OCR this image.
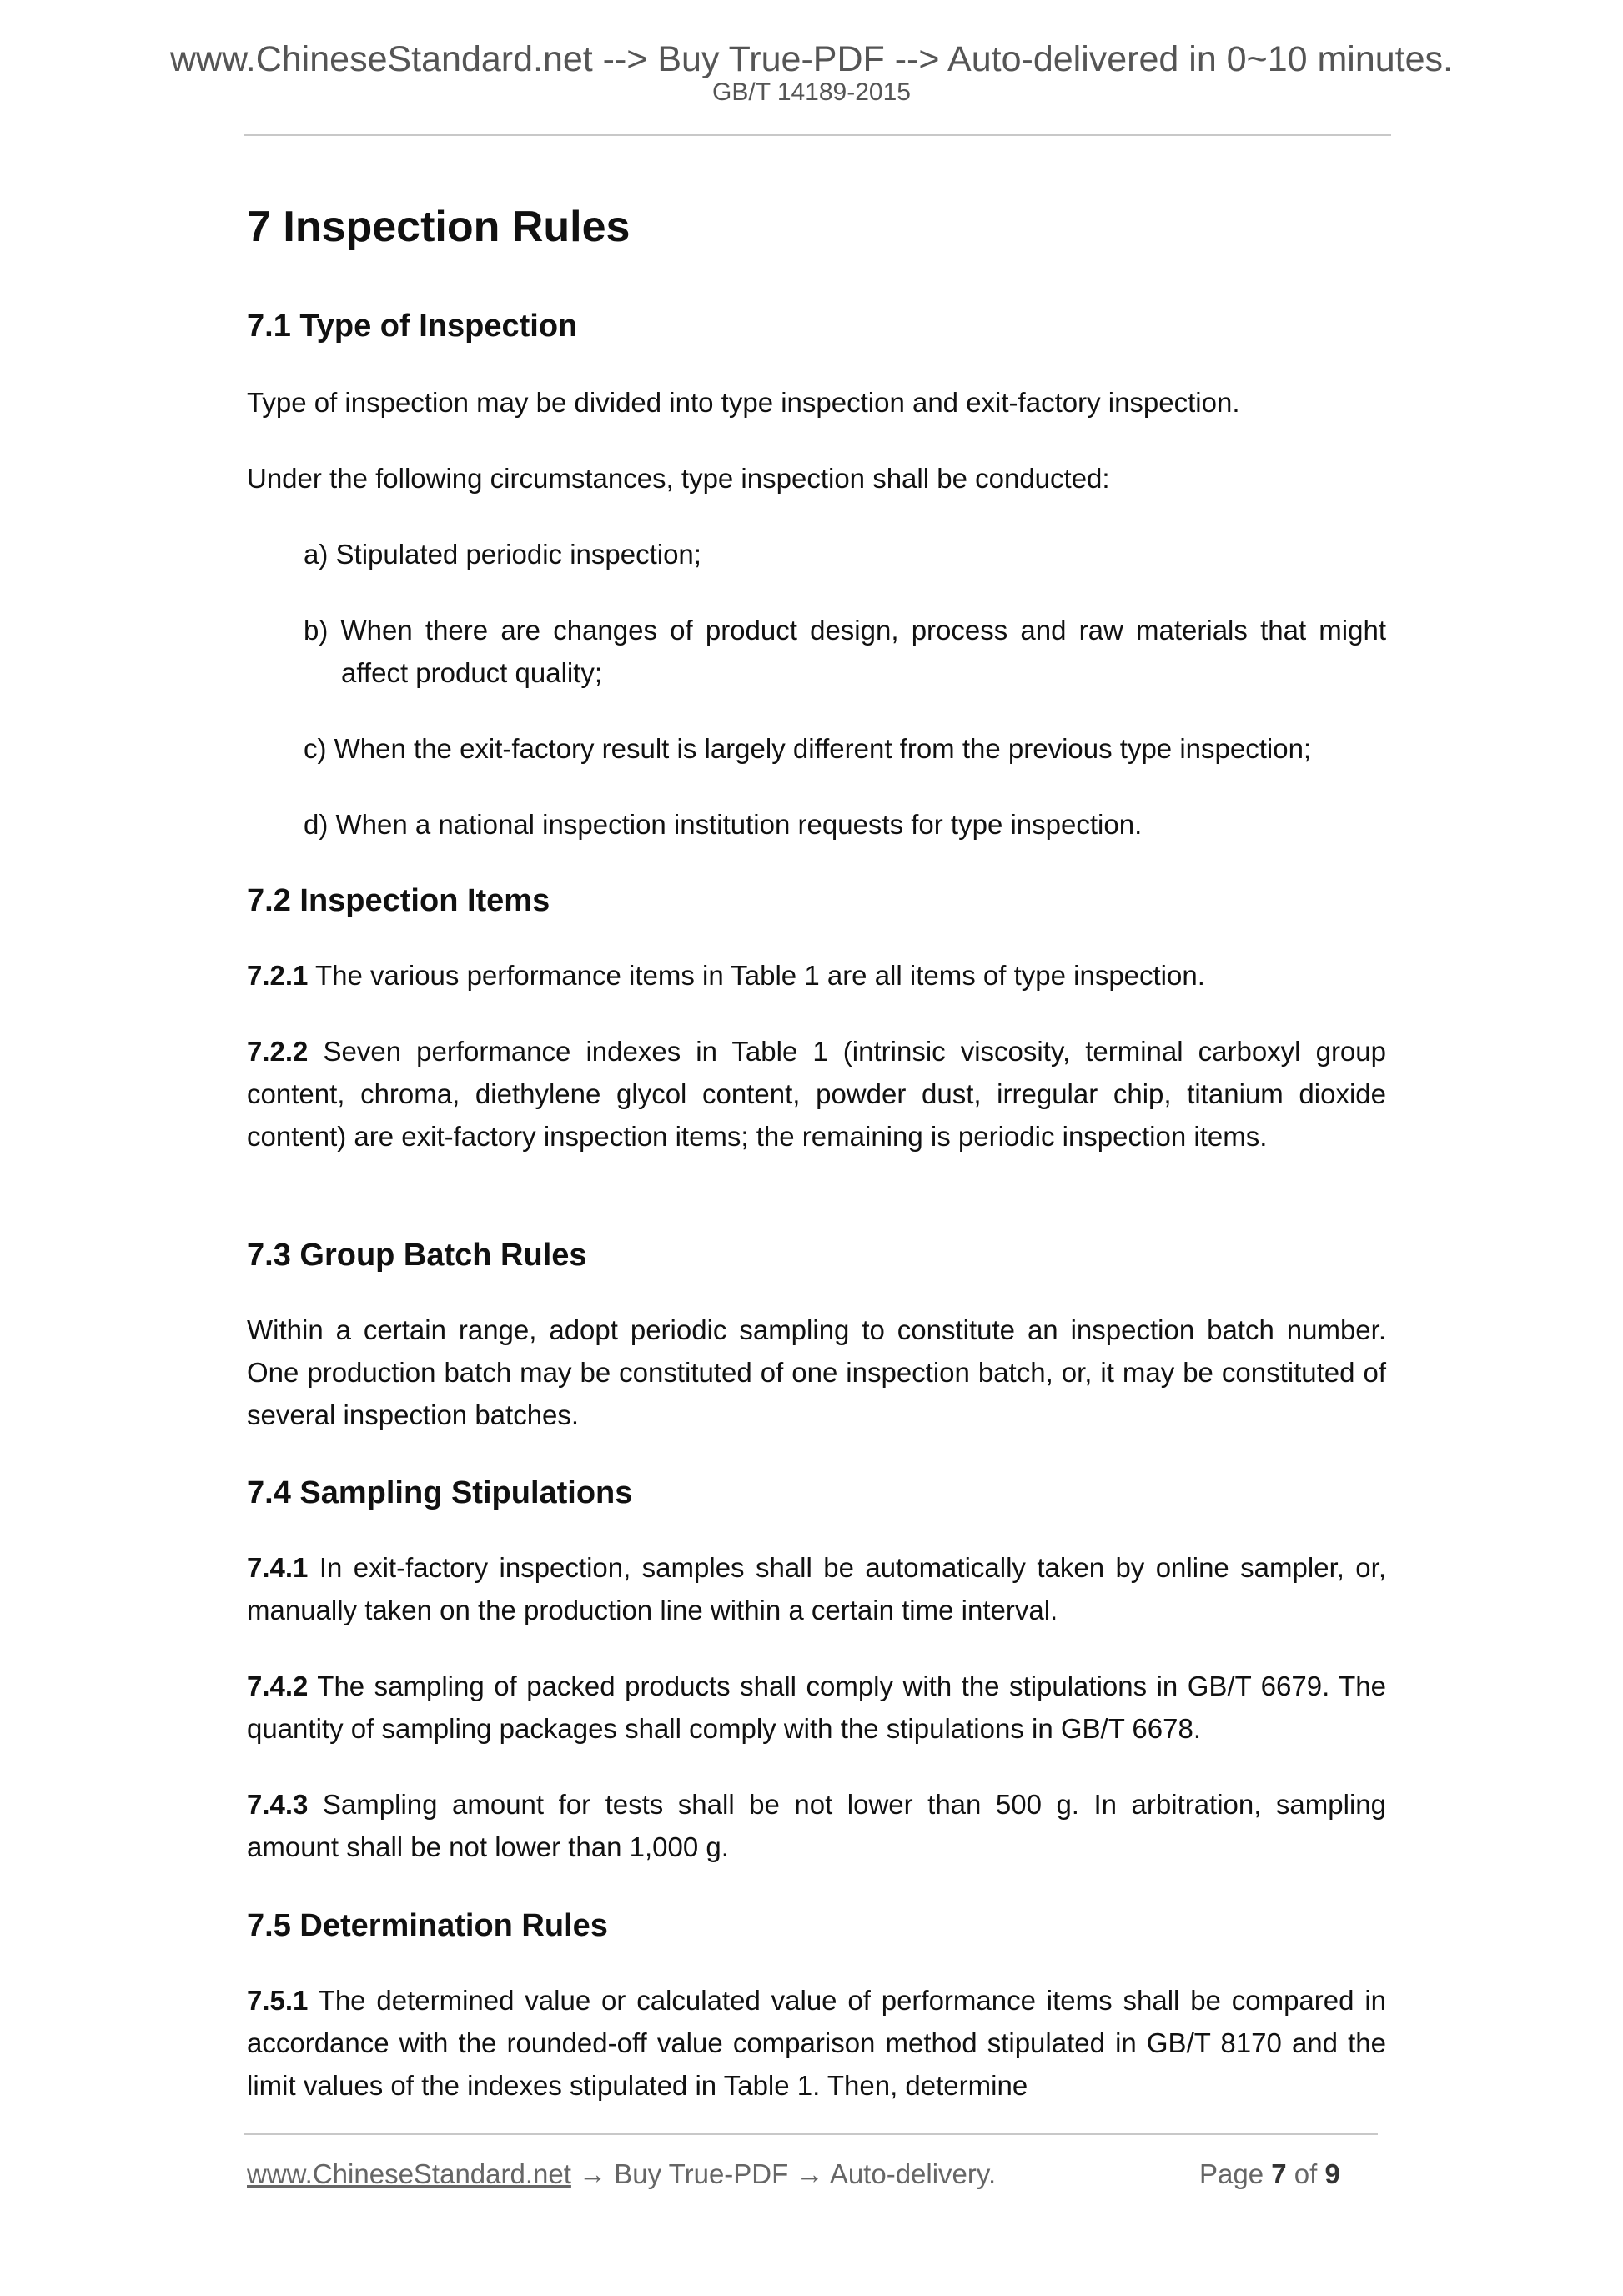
www.ChineseStandard.net --> Buy True-PDF --> Auto-delivered in 0~10 minutes.
GB/T 14189-2015
7 Inspection Rules
7.1 Type of Inspection

Type of inspection may be divided into type inspection and exit-factory inspection.

Under the following circumstances, type inspection shall be conducted:

a) Stipulated periodic inspection;

b) When there are changes of product design, process and raw materials that might affect product quality;

c) When the exit-factory result is largely different from the previous type inspection;

d) When a national inspection institution requests for type inspection.

7.2 Inspection Items

7.2.1 The various performance items in Table 1 are all items of type inspection.

7.2.2 Seven performance indexes in Table 1 (intrinsic viscosity, terminal carboxyl group content, chroma, diethylene glycol content, powder dust, irregular chip, titanium dioxide content) are exit-factory inspection items; the remaining is periodic inspection items.

7.3 Group Batch Rules

Within a certain range, adopt periodic sampling to constitute an inspection batch number. One production batch may be constituted of one inspection batch, or, it may be constituted of several inspection batches.

7.4 Sampling Stipulations

7.4.1 In exit-factory inspection, samples shall be automatically taken by online sampler, or, manually taken on the production line within a certain time interval.

7.4.2 The sampling of packed products shall comply with the stipulations in GB/T 6679. The quantity of sampling packages shall comply with the stipulations in GB/T 6678.

7.4.3 Sampling amount for tests shall be not lower than 500 g. In arbitration, sampling amount shall be not lower than 1,000 g.

7.5 Determination Rules

7.5.1 The determined value or calculated value of performance items shall be compared in accordance with the rounded-off value comparison method stipulated in GB/T 8170 and the limit values of the indexes stipulated in Table 1. Then, determine

www.ChineseStandard.net → Buy True-PDF → Auto-delivery.	Page 7 of 9
